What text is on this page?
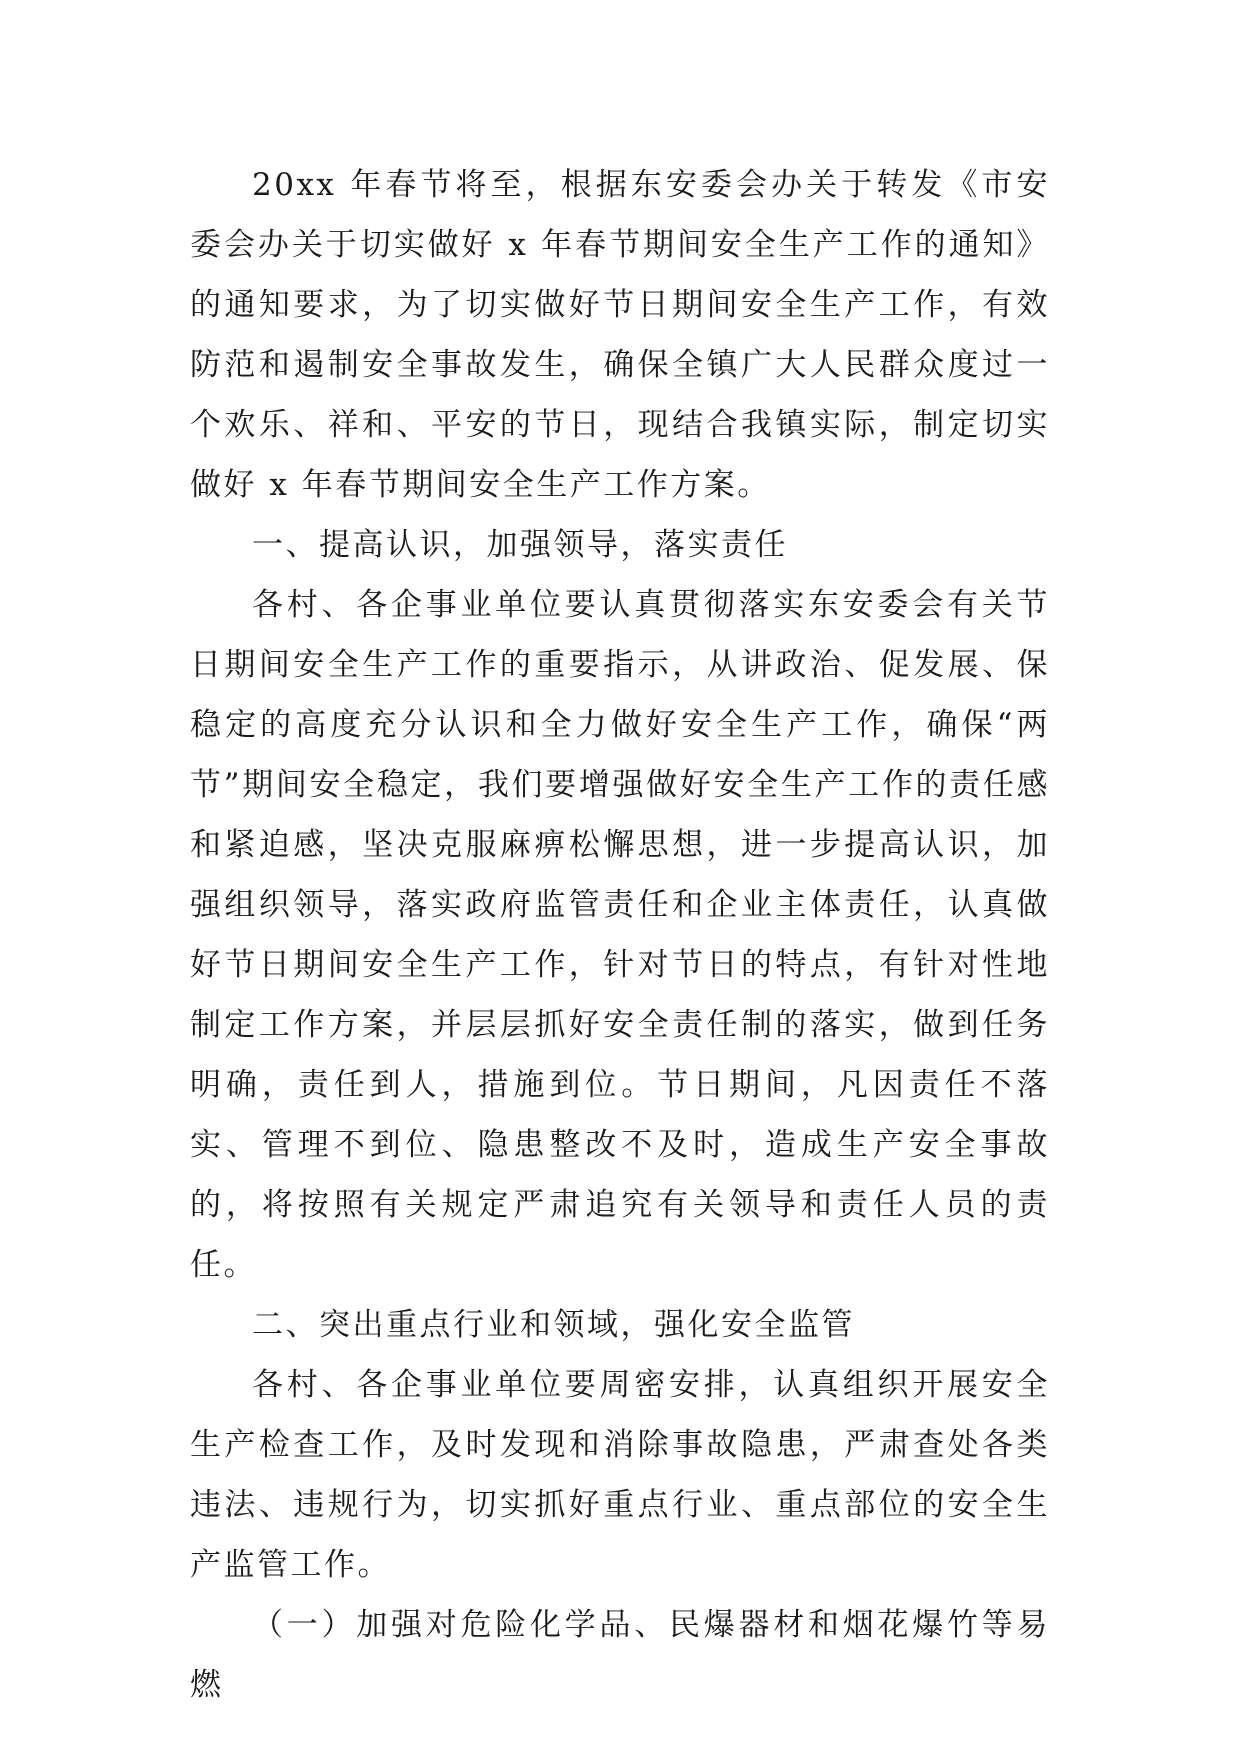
20xx 年春节将至，根据东安委会办关于转发《市安委会办关于切实做好 x 年春节期间安全生产工作的通知》的通知要求，为了切实做好节日期间安全生产工作，有效防范和遏制安全事故发生，确保全镇广大人民群众度过一个欢乐、祥和、平安的节日，现结合我镇实际，制定切实做好 x 年春节期间安全生产工作方案。

一、提高认识，加强领导，落实责任

各村、各企事业单位要认真贯彻落实东安委会有关节日期间安全生产工作的重要指示，从讲政治、促发展、保稳定的高度充分认识和全力做好安全生产工作，确保“两节”期间安全稳定，我们要增强做好安全生产工作的责任感和紧迫感，坚决克服麻痹松懈思想，进一步提高认识，加强组织领导，落实政府监管责任和企业主体责任，认真做好节日期间安全生产工作，针对节日的特点，有针对性地制定工作方案，并层层抓好安全责任制的落实，做到任务明确，责任到人，措施到位。节日期间，凡因责任不落实、管理不到位、隐患整改不及时，造成生产安全事故的，将按照有关规定严肃追究有关领导和责任人员的责任。

二、突出重点行业和领域，强化安全监管

各村、各企事业单位要周密安排，认真组织开展安全生产检查工作，及时发现和消除事故隐患，严肃查处各类违法、违规行为，切实抓好重点行业、重点部位的安全生产监管工作。

（一）加强对危险化学品、民爆器材和烟花爆竹等易燃
